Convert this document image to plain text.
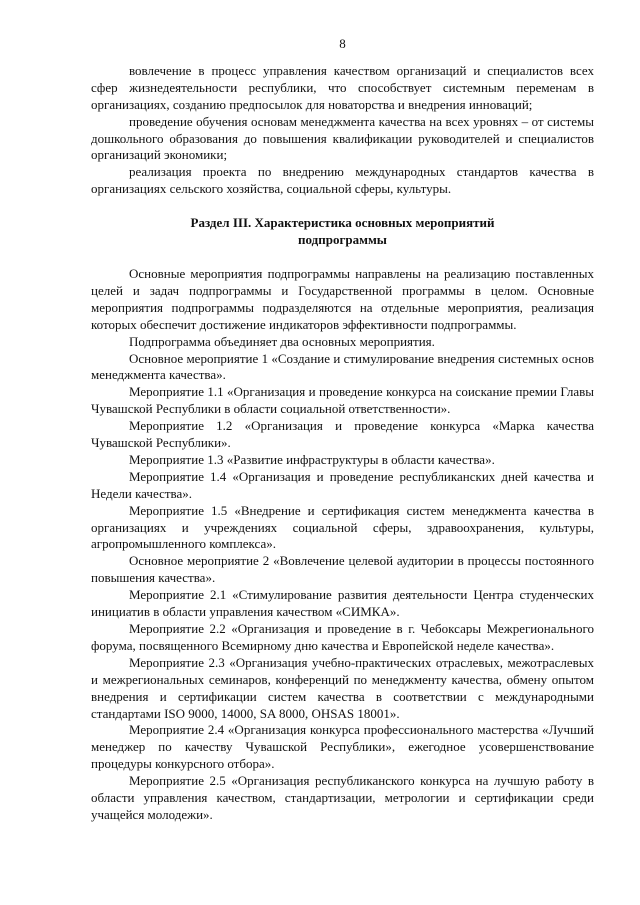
8

вовлечение в процесс управления качеством организаций и специалистов всех сфер жизнедеятельности республики, что способствует системным переменам в организациях, созданию предпосылок для новаторства и внедрения инноваций;

проведение обучения основам менеджмента качества на всех уровнях – от системы дошкольного образования до повышения квалификации руководителей и специалистов организаций экономики;

реализация проекта по внедрению международных стандартов качества в организациях сельского хозяйства, социальной сферы, культуры.

Раздел III. Характеристика основных мероприятий
подпрограммы

Основные мероприятия подпрограммы направлены на реализацию поставленных целей и задач подпрограммы и Государственной программы в целом. Основные мероприятия подпрограммы подразделяются на отдельные мероприятия, реализация которых обеспечит достижение индикаторов эффективности подпрограммы.

Подпрограмма объединяет два основных мероприятия.

Основное мероприятие 1 «Создание и стимулирование внедрения системных основ менеджмента качества».

Мероприятие 1.1 «Организация и проведение конкурса на соискание премии Главы Чувашской Республики в области социальной ответственности».

Мероприятие 1.2 «Организация и проведение конкурса «Марка качества Чувашской Республики».

Мероприятие 1.3 «Развитие инфраструктуры в области качества».

Мероприятие 1.4 «Организация и проведение республиканских дней качества и Недели качества».

Мероприятие 1.5 «Внедрение и сертификация систем менеджмента качества в организациях и учреждениях социальной сферы, здравоохранения, культуры, агропромышленного комплекса».

Основное мероприятие 2 «Вовлечение целевой аудитории в процессы постоянного повышения качества».

Мероприятие 2.1 «Стимулирование развития деятельности Центра студенческих инициатив в области управления качеством «СИМКА».

Мероприятие 2.2 «Организация и проведение в г. Чебоксары Межрегионального форума, посвященного Всемирному дню качества и Европейской неделе качества».

Мероприятие 2.3 «Организация учебно-практических отраслевых, межотраслевых и межрегиональных семинаров, конференций по менеджменту качества, обмену опытом внедрения и сертификации систем качества в соответствии с международными стандартами ISO 9000, 14000, SA 8000, OHSAS 18001».

Мероприятие 2.4 «Организация конкурса профессионального мастерства «Лучший менеджер по качеству Чувашской Республики», ежегодное усовершенствование процедуры конкурсного отбора».

Мероприятие 2.5 «Организация республиканского конкурса на лучшую работу в области управления качеством, стандартизации, метрологии и сертификации среди учащейся молодежи».
